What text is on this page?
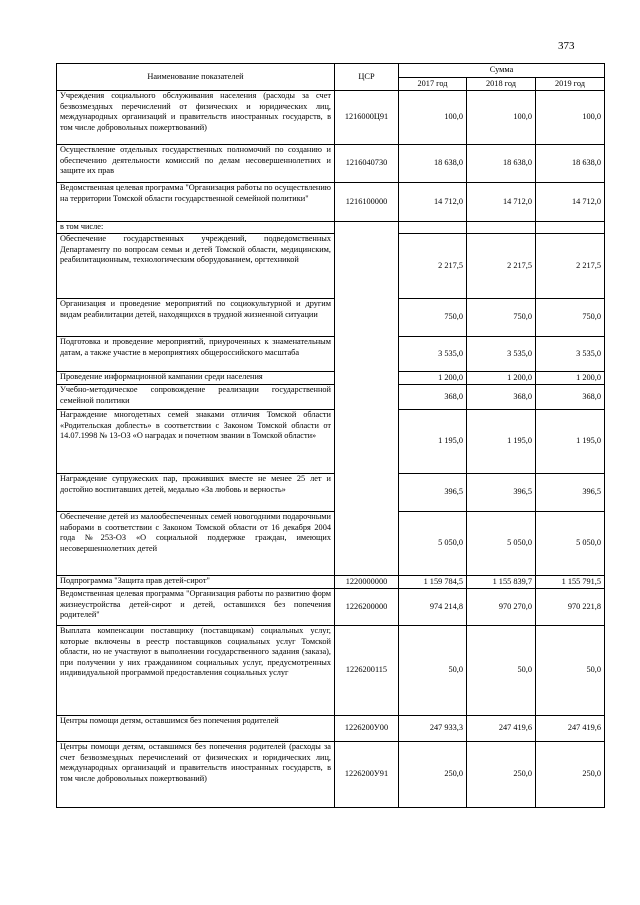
373
Наименование показателей	ЦСР	Сумма		
		2017 год	2018 год	2019 год
Учреждения социального обслуживания населения (расходы за счет безвозмездных перечислений от физических и юридических лиц, международных организаций и правительств иностранных государств, в том числе добровольных пожертвований)	1216000Ц91	100,0	100,0	100,0
Осуществление отдельных государственных полномочий по созданию и обеспечению деятельности комиссий по делам несовершеннолетних и защите их прав	1216040730	18 638,0	18 638,0	18 638,0
Ведомственная целевая программа "Организация работы по осуществлению на территории Томской области государственной семейной политики"	1216100000	14 712,0	14 712,0	14 712,0
в том числе:				
Обеспечение государственных учреждений, подведомственных Департаменту по вопросам семьи и детей Томской области, медицинским, реабилитационным, технологическим оборудованием, оргтехникой		2 217,5	2 217,5	2 217,5
Организация и проведение мероприятий по социокультурной и другим видам реабилитации детей, находящихся в трудной жизненной ситуации		750,0	750,0	750,0
Подготовка и проведение мероприятий, приуроченных к знаменательным датам, а также участие в мероприятиях общероссийского масштаба		3 535,0	3 535,0	3 535,0
Проведение информационной кампании среди населения		1 200,0	1 200,0	1 200,0
Учебно-методическое сопровождение реализации государственной семейной политики		368,0	368,0	368,0
Награждение многодетных семей знаками отличия Томской области «Родительская доблесть» в соответствии с Законом Томской области от 14.07.1998 № 13-ОЗ «О наградах и почетном звании в Томской области»		1 195,0	1 195,0	1 195,0
Награждение супружеских пар, проживших вместе не менее 25 лет и достойно воспитавших детей, медалью «За любовь и верность»		396,5	396,5	396,5
Обеспечение детей из малообеспеченных семей новогодними подарочными наборами в соответствии с Законом Томской области от 16 декабря 2004 года №253-ОЗ «О социальной поддержке граждан, имеющих несовершеннолетних детей		5 050,0	5 050,0	5 050,0
Подпрограмма "Защита прав детей-сирот"	1220000000	1 159 784,5	1 155 839,7	1 155 791,5
Ведомственная целевая программа "Организация работы по развитию форм жизнеустройства детей-сирот и детей, оставшихся без попечения родителей"	1226200000	974 214,8	970 270,0	970 221,8
Выплата компенсации поставщику (поставщикам) социальных услуг, которые включены в реестр поставщиков социальных услуг Томской области, но не участвуют в выполнении государственного задания (заказа), при получении у них гражданином социальных услуг, предусмотренных индивидуальной программой предоставления социальных услуг	1226200115	50,0	50,0	50,0
Центры помощи детям, оставшимся без попечения родителей	1226200У00	247 933,3	247 419,6	247 419,6
Центры помощи детям, оставшимся без попечения родителей (расходы за счет безвозмездных перечислений от физических и юридических лиц, международных организаций и правительств иностранных государств, в том числе добровольных пожертвований)	1226200У91	250,0	250,0	250,0
